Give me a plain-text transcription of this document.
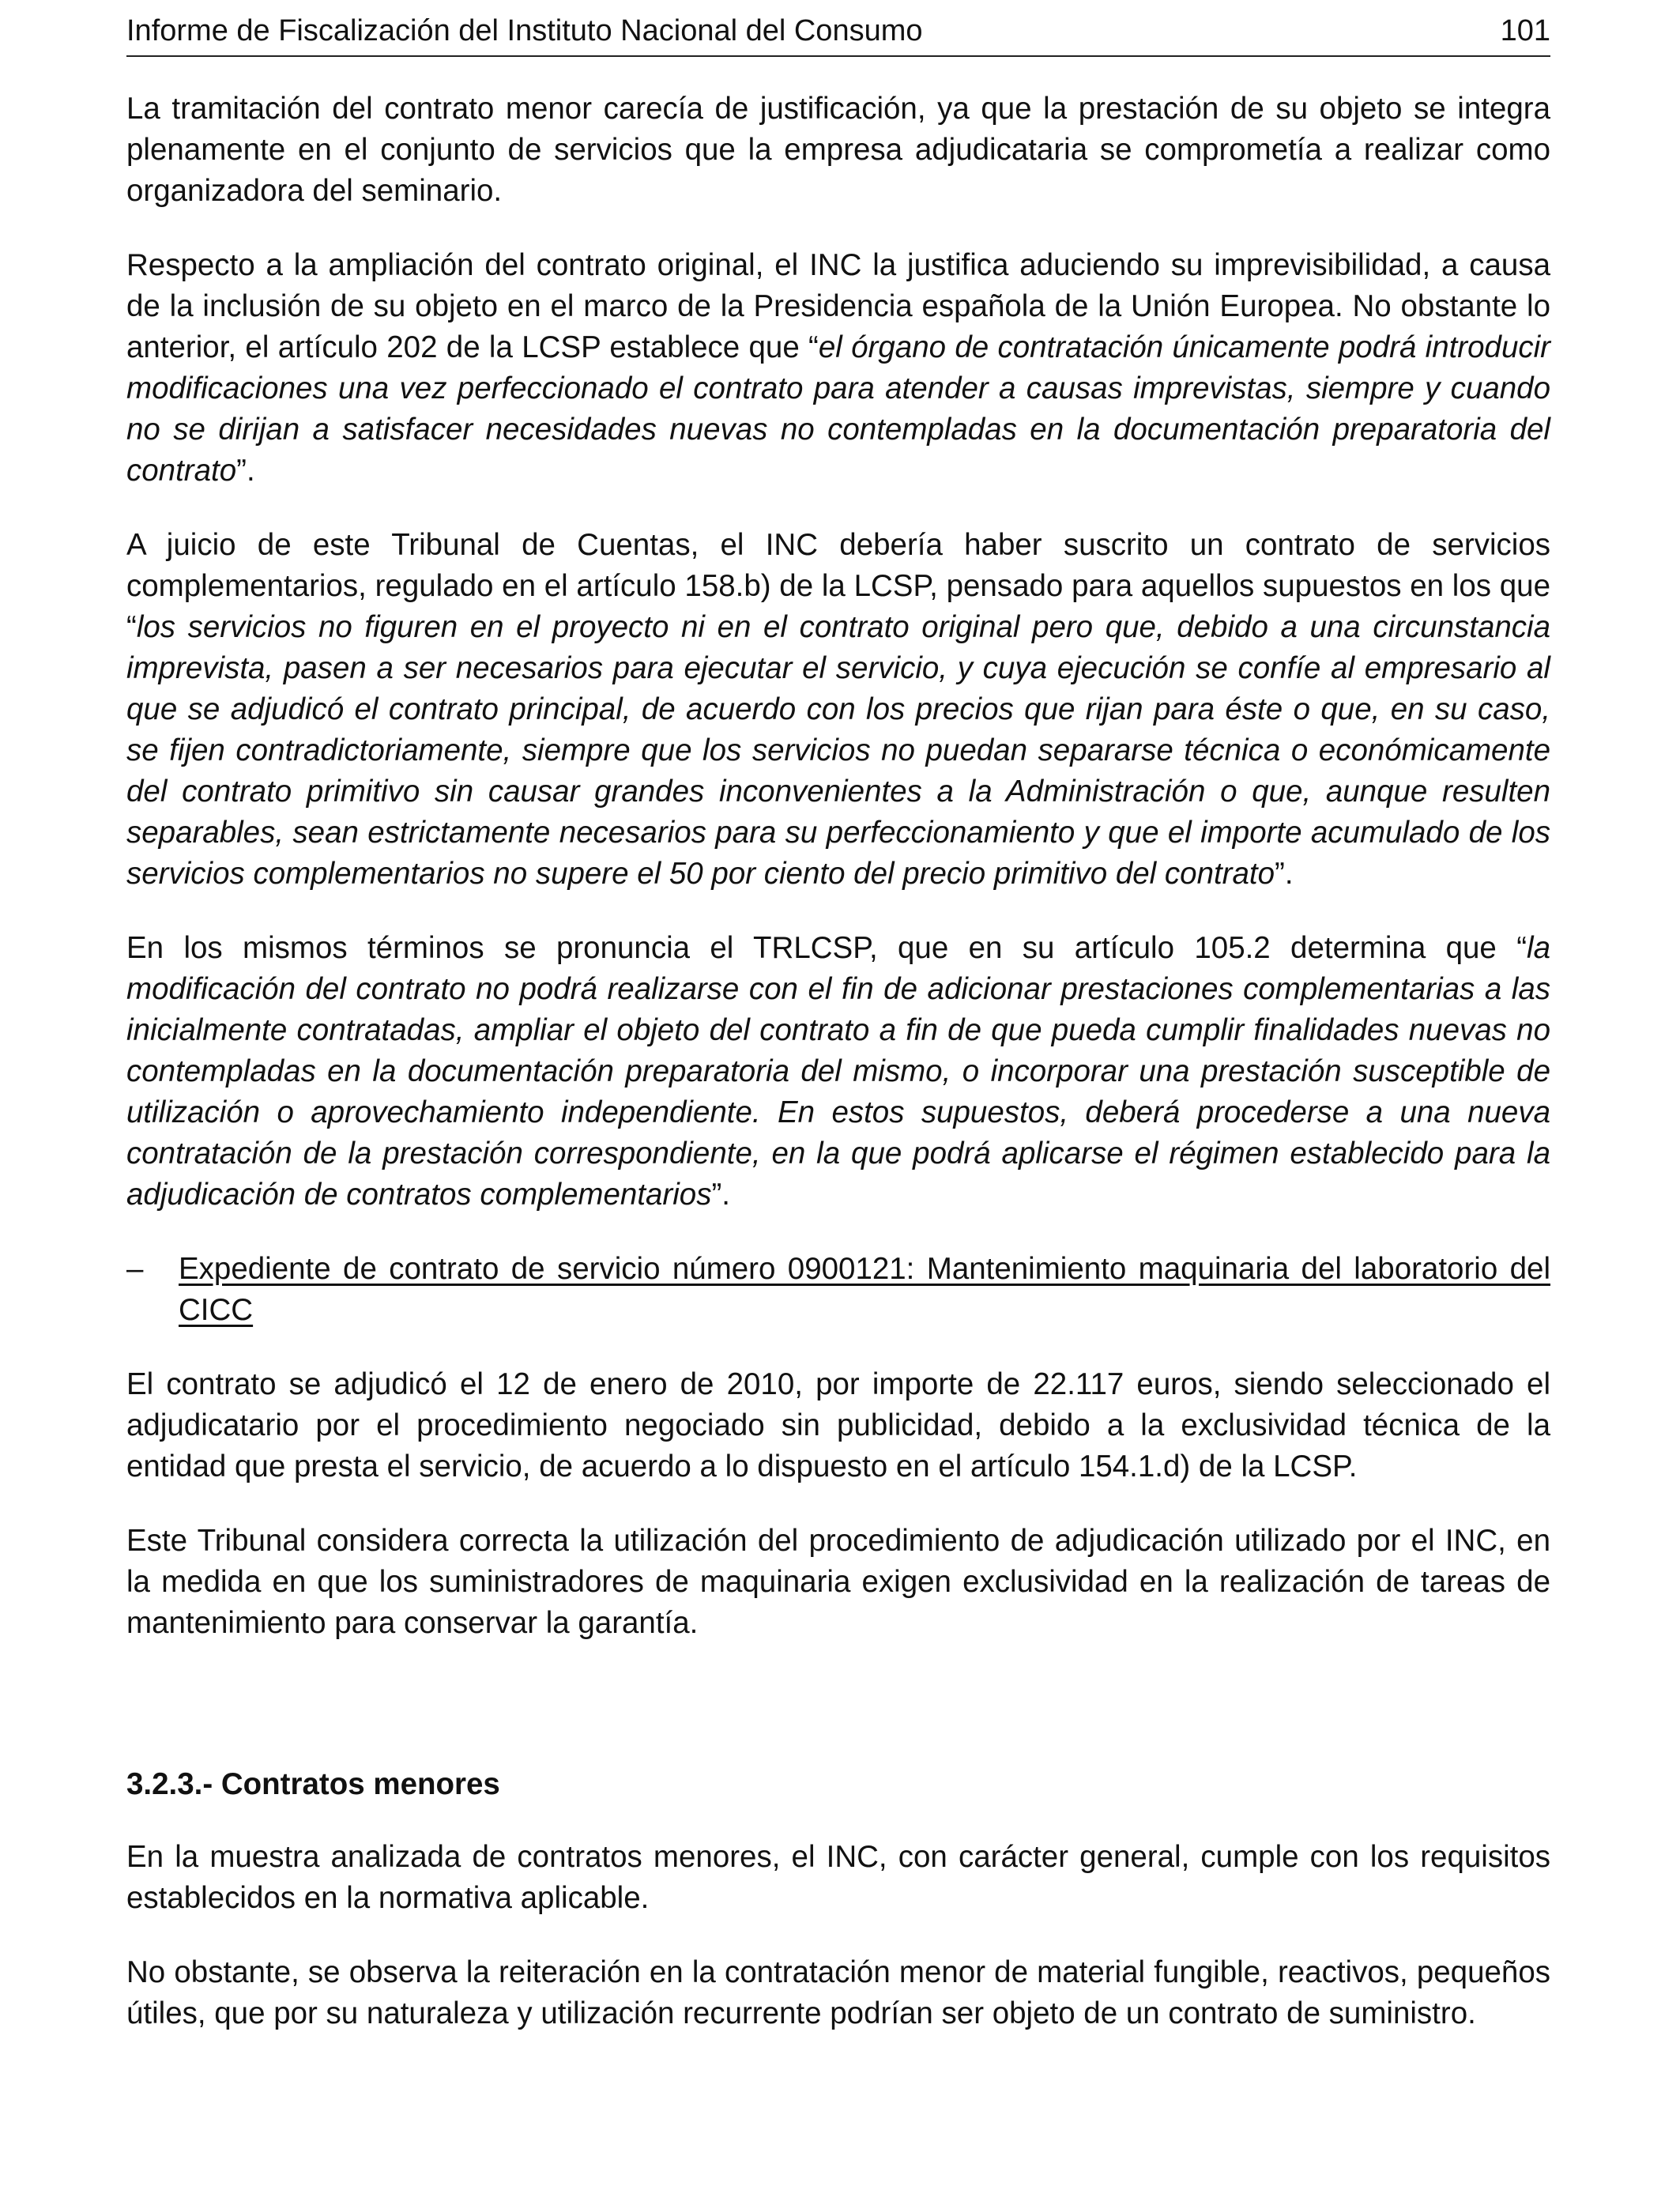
Informe de Fiscalización del Instituto Nacional del Consumo	101

La tramitación del contrato menor carecía de justificación, ya que la prestación de su objeto se integra plenamente en el conjunto de servicios que la empresa adjudicataria se comprometía a realizar como organizadora del seminario.

Respecto a la ampliación del contrato original, el INC la justifica aduciendo su imprevisibilidad, a causa de la inclusión de su objeto en el marco de la Presidencia española de la Unión Europea. No obstante lo anterior, el artículo 202 de la LCSP establece que “el órgano de contratación únicamente podrá introducir modificaciones una vez perfeccionado el contrato para atender a causas imprevistas, siempre y cuando no se dirijan a satisfacer necesidades nuevas no contempladas en la documentación preparatoria del contrato”.

A juicio de este Tribunal de Cuentas, el INC debería haber suscrito un contrato de servicios complementarios, regulado en el artículo 158.b) de la LCSP, pensado para aquellos supuestos en los que “los servicios no figuren en el proyecto ni en el contrato original pero que, debido a una circunstancia imprevista, pasen a ser necesarios para ejecutar el servicio, y cuya ejecución se confíe al empresario al que se adjudicó el contrato principal, de acuerdo con los precios que rijan para éste o que, en su caso, se fijen contradictoriamente, siempre que los servicios no puedan separarse técnica o económicamente del contrato primitivo sin causar grandes inconvenientes a la Administración o que, aunque resulten separables, sean estrictamente necesarios para su perfeccionamiento y que el importe acumulado de los servicios complementarios no supere el 50 por ciento del precio primitivo del contrato”.

En los mismos términos se pronuncia el TRLCSP, que en su artículo 105.2 determina que “la modificación del contrato no podrá realizarse con el fin de adicionar prestaciones complementarias a las inicialmente contratadas, ampliar el objeto del contrato a fin de que pueda cumplir finalidades nuevas no contempladas en la documentación preparatoria del mismo, o incorporar una prestación susceptible de utilización o aprovechamiento independiente. En estos supuestos, deberá procederse a una nueva contratación de la prestación correspondiente, en la que podrá aplicarse el régimen establecido para la adjudicación de contratos complementarios”.

– Expediente de contrato de servicio número 0900121: Mantenimiento maquinaria del laboratorio del CICC

El contrato se adjudicó el 12 de enero de 2010, por importe de 22.117 euros, siendo seleccionado el adjudicatario por el procedimiento negociado sin publicidad, debido a la exclusividad técnica de la entidad que presta el servicio, de acuerdo a lo dispuesto en el artículo 154.1.d) de la LCSP.

Este Tribunal considera correcta la utilización del procedimiento de adjudicación utilizado por el INC, en la medida en que los suministradores de maquinaria exigen exclusividad en la realización de tareas de mantenimiento para conservar la garantía.

3.2.3.- Contratos menores

En la muestra analizada de contratos menores, el INC, con carácter general, cumple con los requisitos establecidos en la normativa aplicable.

No obstante, se observa la reiteración en la contratación menor de material fungible, reactivos, pequeños útiles, que por su naturaleza y utilización recurrente podrían ser objeto de un contrato de suministro.
